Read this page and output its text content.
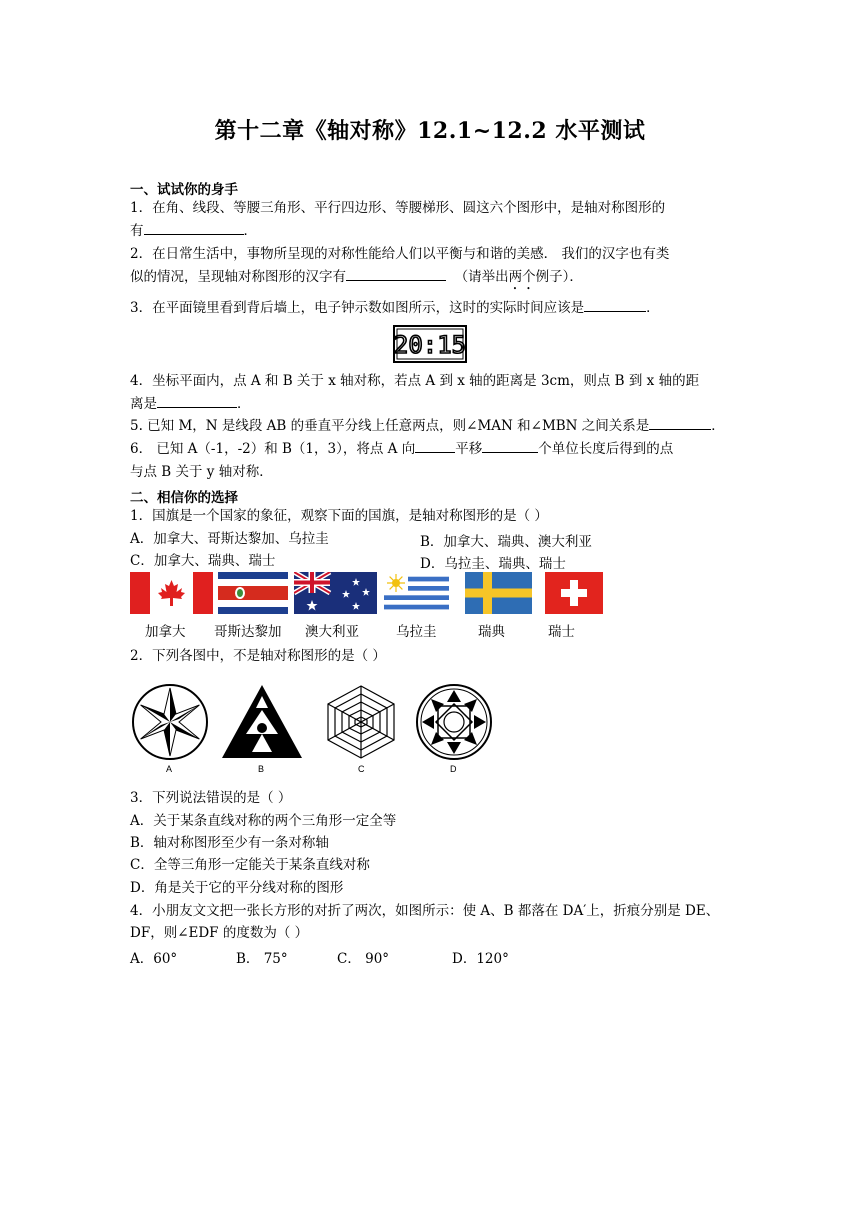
第十二章《轴对称》12.1~12.2 水平测试
一、试试你的身手
1．在角、线段、等腰三角形、平行四边形、等腰梯形、圆这六个图形中，是轴对称图形的
有	．
2．在日常生活中，事物所呈现的对称性能给人们以平衡与和谐的美感． 我们的汉字也有类
似的情况，呈现轴对称图形的汉字有	（请举出两个例子）．
3．在平面镜里看到背后墙上，电子钟示数如图所示，这时的实际时间应该是	．
20:15
4．坐标平面内，点 A 和 B 关于 x 轴对称，若点 A 到 x 轴的距离是 3cm，则点 B 到 x 轴的距
离是	．
5. 已知 M，N 是线段 AB 的垂直平分线上任意两点，则∠MAN 和∠MBN 之间关系是	．
6． 已知 A（-1，-2）和 B（1，3），将点 A 向	平移	个单位长度后得到的点
与点 B 关于 y 轴对称．
二、相信你的选择
1．国旗是一个国家的象征，观察下面的国旗，是轴对称图形的是（ ）
A．加拿大、哥斯达黎加、乌拉圭	B．加拿大、瑞典、澳大利亚
C．加拿大、瑞典、瑞士	D．乌拉圭、瑞典、瑞士
加拿大 哥斯达黎加 澳大利亚	乌拉圭	瑞典	瑞士
2．下列各图中，不是轴对称图形的是（ ）
A	B	C	D
3．下列说法错误的是（ ）
A．关于某条直线对称的两个三角形一定全等
B．轴对称图形至少有一条对称轴
C．全等三角形一定能关于某条直线对称
D．角是关于它的平分线对称的图形
4．小朋友文文把一张长方形的对折了两次，如图所示：使 A、B 都落在 DA′上，折痕分别是 DE、
DF，则∠EDF 的度数为（ ）
A．60°	B． 75°	C． 90°	D．120°
